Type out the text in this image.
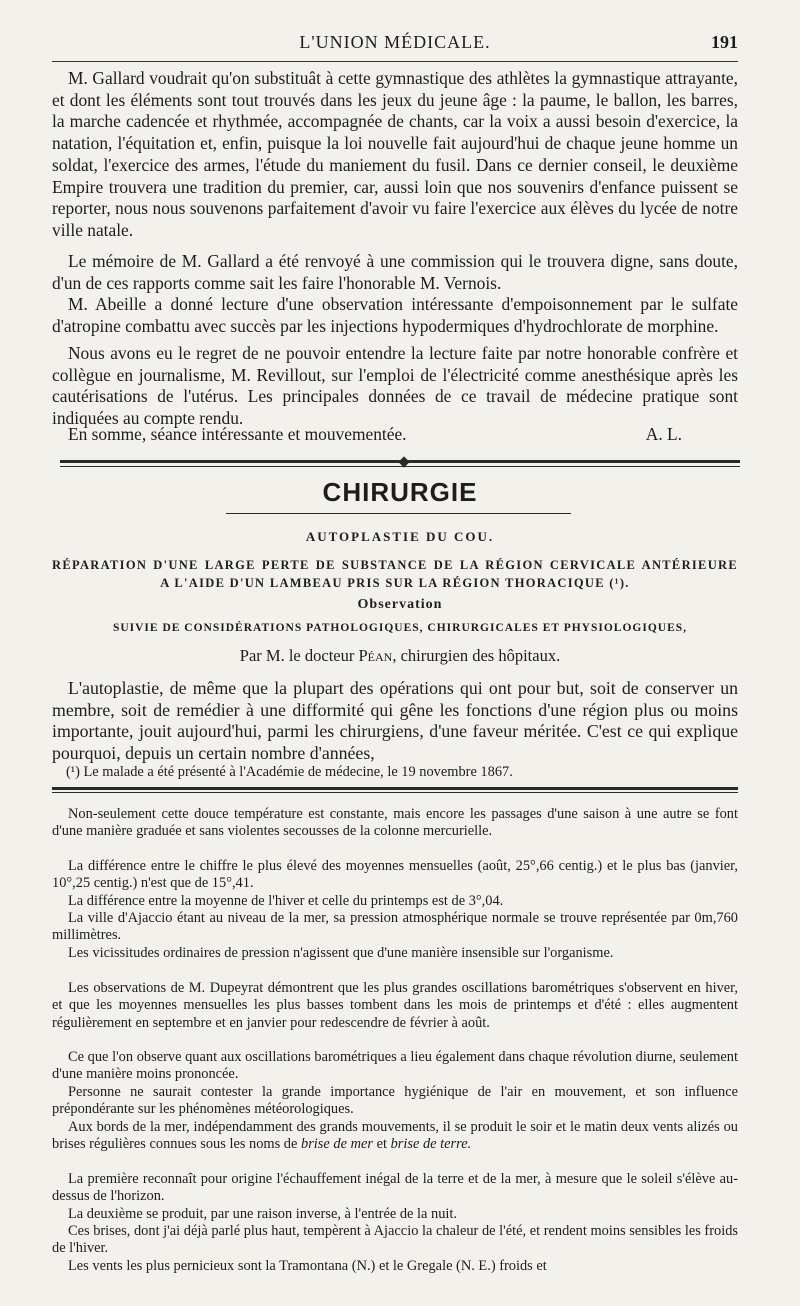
L'UNION MÉDICALE.	191

M. Gallard voudrait qu'on substituât à cette gymnastique des athlètes la gymnastique attrayante, et dont les éléments sont tout trouvés dans les jeux du jeune âge : la paume, le ballon, les barres, la marche cadencée et rhythmée, accompagnée de chants, car la voix a aussi besoin d'exercice, la natation, l'équitation et, enfin, puisque la loi nouvelle fait aujourd'hui de chaque jeune homme un soldat, l'exercice des armes, l'étude du maniement du fusil. Dans ce dernier conseil, le deuxième Empire trouvera une tradition du premier, car, aussi loin que nos souvenirs d'enfance puissent se reporter, nous nous souvenons parfaitement d'avoir vu faire l'exercice aux élèves du lycée de notre ville natale.

Le mémoire de M. Gallard a été renvoyé à une commission qui le trouvera digne, sans doute, d'un de ces rapports comme sait les faire l'honorable M. Vernois.

M. Abeille a donné lecture d'une observation intéressante d'empoisonnement par le sulfate d'atropine combattu avec succès par les injections hypodermiques d'hydrochlorate de morphine.

Nous avons eu le regret de ne pouvoir entendre la lecture faite par notre honorable confrère et collègue en journalisme, M. Revillout, sur l'emploi de l'électricité comme anesthésique après les cautérisations de l'utérus. Les principales données de ce travail de médecine pratique sont indiquées au compte rendu.

En somme, séance intéressante et mouvementée.	A. L.
CHIRURGIE
AUTOPLASTIE DU COU.
RÉPARATION D'UNE LARGE PERTE DE SUBSTANCE DE LA RÉGION CERVICALE ANTÉRIEURE
A L'AIDE D'UN LAMBEAU PRIS SUR LA RÉGION THORACIQUE (¹).
Observation
SUIVIE DE CONSIDÉRATIONS PATHOLOGIQUES, CHIRURGICALES ET PHYSIOLOGIQUES,
Par M. le docteur Péan, chirurgien des hôpitaux.

L'autoplastie, de même que la plupart des opérations qui ont pour but, soit de conserver un membre, soit de remédier à une difformité qui gêne les fonctions d'une région plus ou moins importante, jouit aujourd'hui, parmi les chirurgiens, d'une faveur méritée. C'est ce qui explique pourquoi, depuis un certain nombre d'années,

(¹) Le malade a été présenté à l'Académie de médecine, le 19 novembre 1867.

Non-seulement cette douce température est constante, mais encore les passages d'une saison à une autre se font d'une manière graduée et sans violentes secousses de la colonne mercurielle.

La différence entre le chiffre le plus élevé des moyennes mensuelles (août, 25°,66 centig.) et le plus bas (janvier, 10°,25 centig.) n'est que de 15°,41.

La différence entre la moyenne de l'hiver et celle du printemps est de 3°,04.

La ville d'Ajaccio étant au niveau de la mer, sa pression atmosphérique normale se trouve représentée par 0m,760 millimètres.

Les vicissitudes ordinaires de pression n'agissent que d'une manière insensible sur l'organisme.

Les observations de M. Dupeyrat démontrent que les plus grandes oscillations barométriques s'observent en hiver, et que les moyennes mensuelles les plus basses tombent dans les mois de printemps et d'été : elles augmentent régulièrement en septembre et en janvier pour redescendre de février à août.

Ce que l'on observe quant aux oscillations barométriques a lieu également dans chaque révolution diurne, seulement d'une manière moins prononcée.

Personne ne saurait contester la grande importance hygiénique de l'air en mouvement, et son influence prépondérante sur les phénomènes météorologiques.

Aux bords de la mer, indépendamment des grands mouvements, il se produit le soir et le matin deux vents alizés ou brises régulières connues sous les noms de brise de mer et brise de terre.

La première reconnaît pour origine l'échauffement inégal de la terre et de la mer, à mesure que le soleil s'élève au-dessus de l'horizon.

La deuxième se produit, par une raison inverse, à l'entrée de la nuit.

Ces brises, dont j'ai déjà parlé plus haut, tempèrent à Ajaccio la chaleur de l'été, et rendent moins sensibles les froids de l'hiver.

Les vents les plus pernicieux sont la Tramontana (N.) et le Gregale (N. E.) froids et
